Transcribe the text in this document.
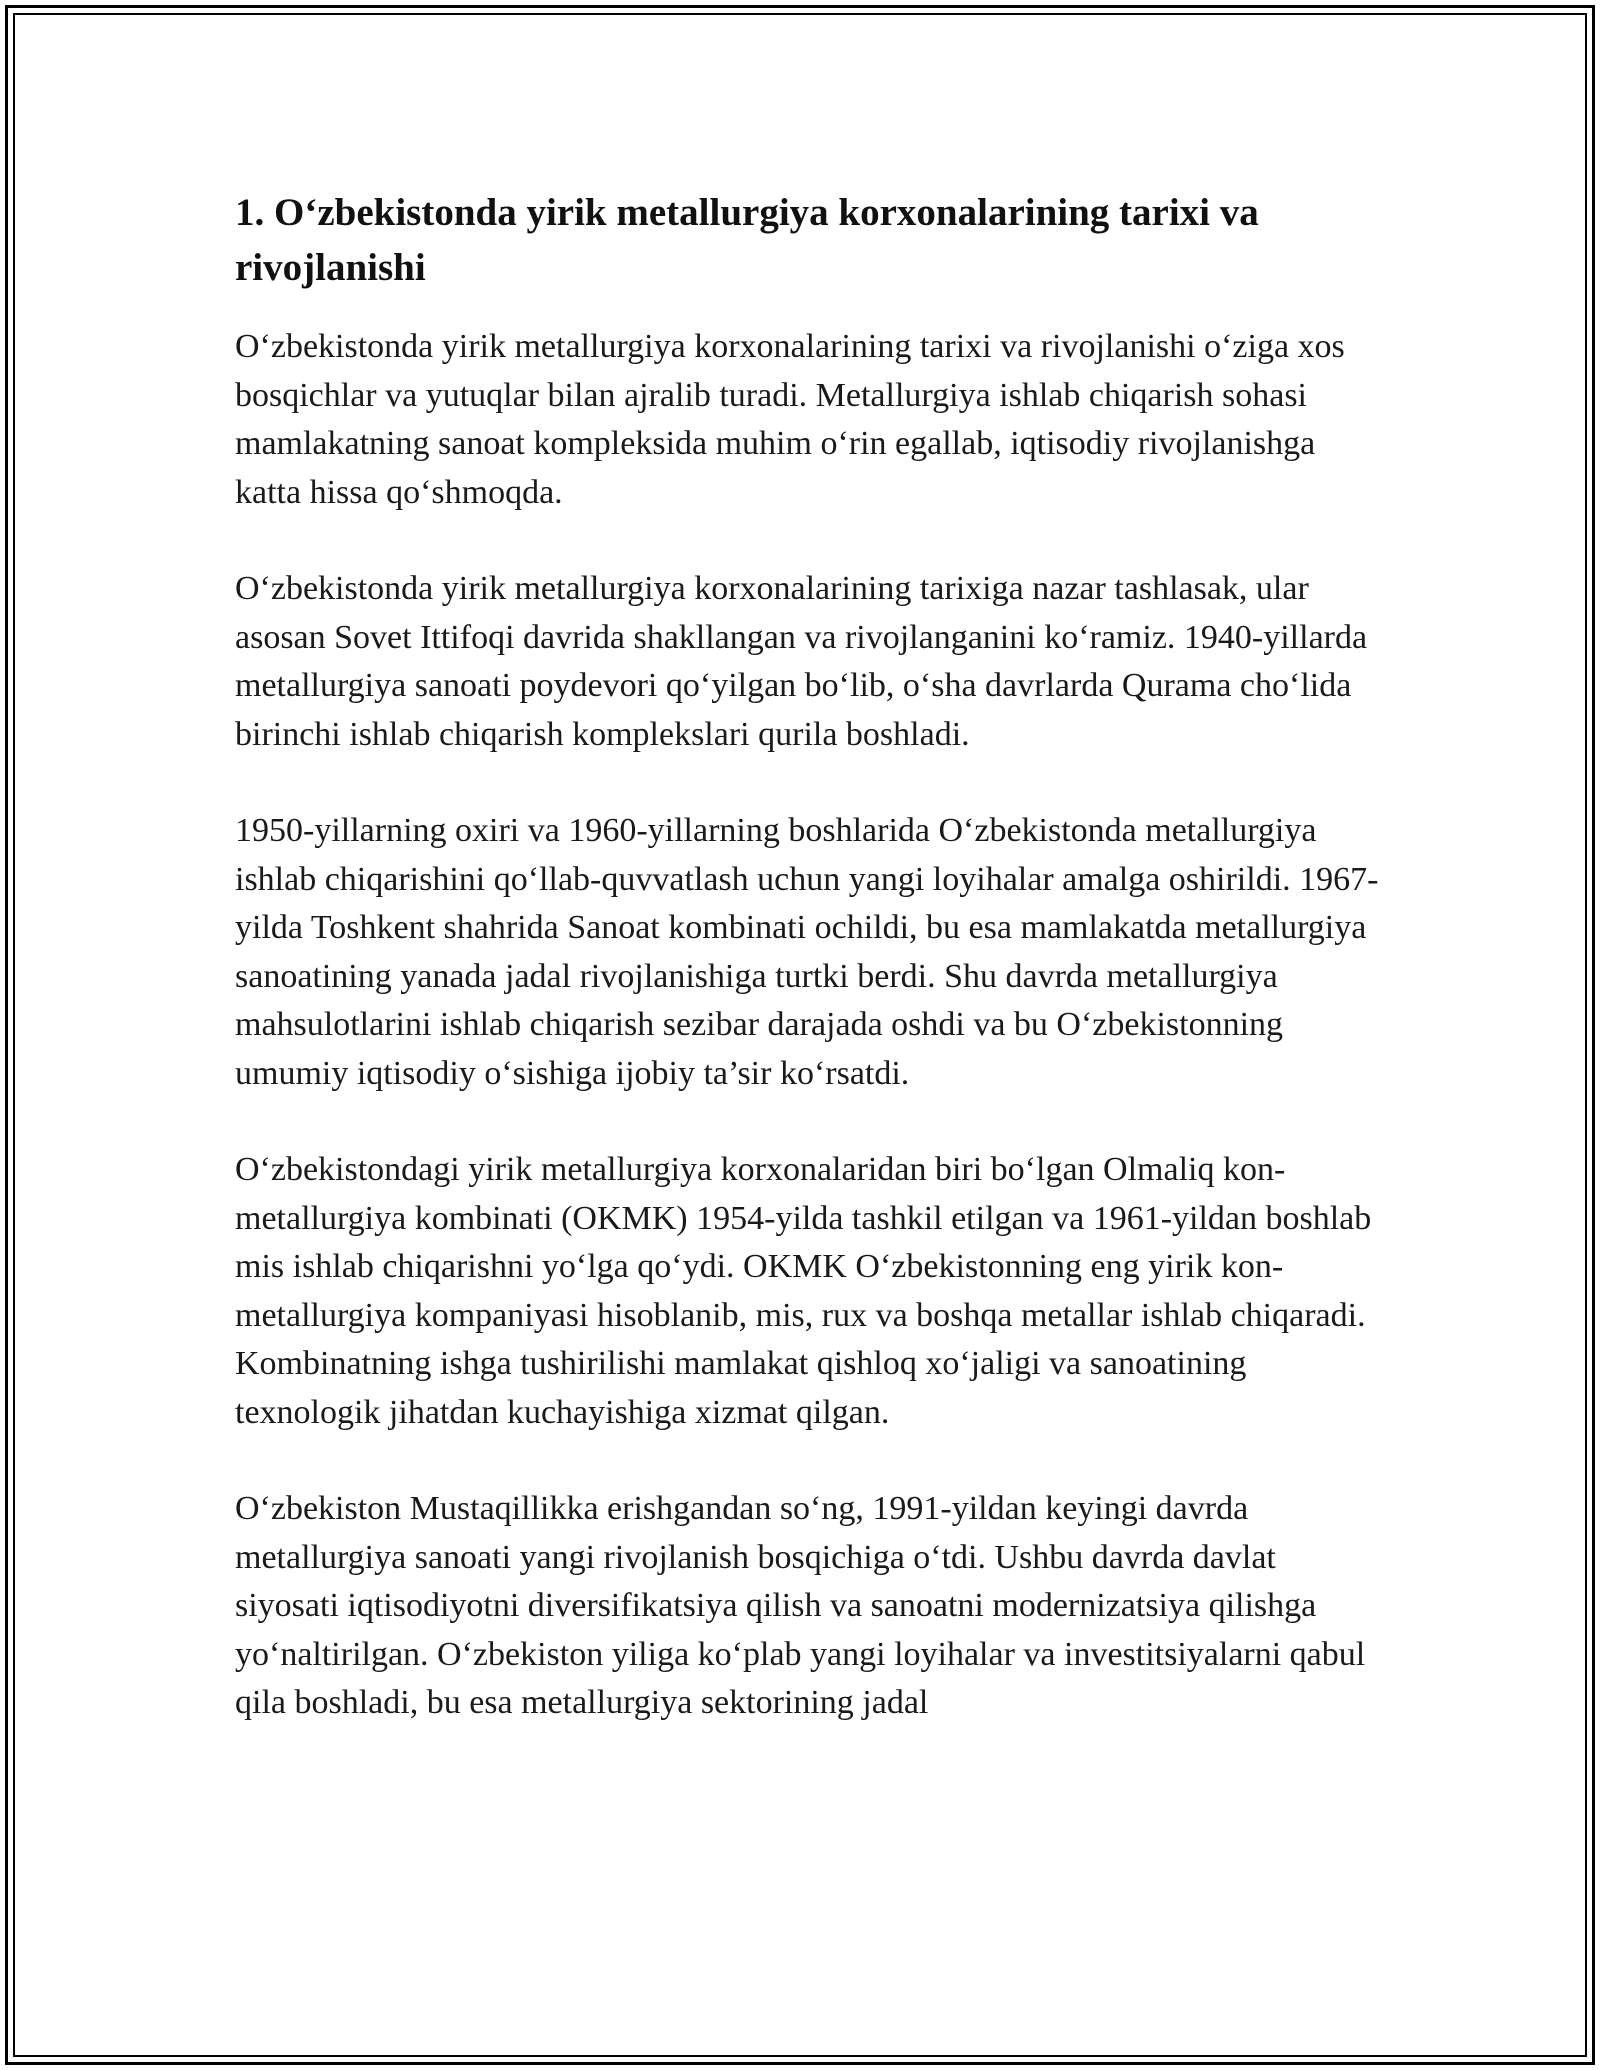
1. O‘zbekistonda yirik metallurgiya korxonalarining tarixi va rivojlanishi

O‘zbekistonda yirik metallurgiya korxonalarining tarixi va rivojlanishi o‘ziga xos bosqichlar va yutuqlar bilan ajralib turadi. Metallurgiya ishlab chiqarish sohasi mamlakatning sanoat kompleksida muhim o‘rin egallab, iqtisodiy rivojlanishga katta hissa qo‘shmoqda.

O‘zbekistonda yirik metallurgiya korxonalarining tarixiga nazar tashlasak, ular asosan Sovet Ittifoqi davrida shakllangan va rivojlanganini ko‘ramiz. 1940-yillarda metallurgiya sanoati poydevori qo‘yilgan bo‘lib, o‘sha davrlarda Qurama cho‘lida birinchi ishlab chiqarish komplekslari qurila boshladi.

1950-yillarning oxiri va 1960-yillarning boshlarida O‘zbekistonda metallurgiya ishlab chiqarishini qo‘llab-quvvatlash uchun yangi loyihalar amalga oshirildi. 1967-yilda Toshkent shahrida Sanoat kombinati ochildi, bu esa mamlakatda metallurgiya sanoatining yanada jadal rivojlanishiga turtki berdi. Shu davrda metallurgiya mahsulotlarini ishlab chiqarish sezibar darajada oshdi va bu O‘zbekistonning umumiy iqtisodiy o‘sishiga ijobiy ta’sir ko‘rsatdi.

O‘zbekistondagi yirik metallurgiya korxonalaridan biri bo‘lgan Olmaliq kon-metallurgiya kombinati (OKMK) 1954-yilda tashkil etilgan va 1961-yildan boshlab mis ishlab chiqarishni yo‘lga qo‘ydi. OKMK O‘zbekistonning eng yirik kon-metallurgiya kompaniyasi hisoblanib, mis, rux va boshqa metallar ishlab chiqaradi. Kombinatning ishga tushirilishi mamlakat qishloq xo‘jaligi va sanoatining texnologik jihatdan kuchayishiga xizmat qilgan.

O‘zbekiston Mustaqillikka erishgandan so‘ng, 1991-yildan keyingi davrda metallurgiya sanoati yangi rivojlanish bosqichiga o‘tdi. Ushbu davrda davlat siyosati iqtisodiyotni diversifikatsiya qilish va sanoatni modernizatsiya qilishga yo‘naltirilgan. O‘zbekiston yiliga ko‘plab yangi loyihalar va investitsiyalarni qabul qila boshladi, bu esa metallurgiya sektorining jadal
